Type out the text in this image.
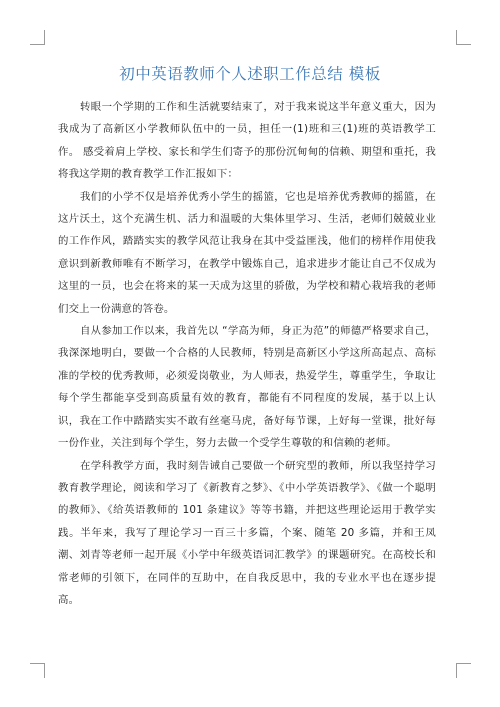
初中英语教师个人述职工作总结 模板

转眼一个学期的工作和生活就要结束了，对于我来说这半年意义重大，因为我成为了高新区小学教师队伍中的一员，担任一(1)班和三(1)班的英语教学工作。 感受着肩上学校、家长和学生们寄予的那份沉甸甸的信赖、期望和重托，我将我这学期的教育教学工作汇报如下：

我们的小学不仅是培养优秀小学生的摇篮，它也是培养优秀教师的摇篮，在这片沃土，这个充满生机、活力和温暖的大集体里学习、生活，老师们兢兢业业的工作作风，踏踏实实的教学风范让我身在其中受益匪浅，他们的榜样作用使我意识到新教师唯有不断学习，在教学中锻炼自己，追求进步才能让自己不仅成为这里的一员，也会在将来的某一天成为这里的骄傲，为学校和精心栽培我的老师们交上一份满意的答卷。

自从参加工作以来，我首先以 “学高为师，身正为范”的师德严格要求自己，我深深地明白，要做一个合格的人民教师，特别是高新区小学这所高起点、高标准的学校的优秀教师，必须爱岗敬业，为人师表，热爱学生，尊重学生，争取让每个学生都能享受到高质量有效的教育，都能有不同程度的发展，基于以上认识，我在工作中踏踏实实不敢有丝毫马虎，备好每节课，上好每一堂课，批好每一份作业，关注到每个学生，努力去做一个受学生尊敬的和信赖的老师。

在学科教学方面，我时刻告诫自己要做一个研究型的教师，所以我坚持学习教育教学理论，阅读和学习了《新教育之梦》、《中小学英语教学》、《做一个聪明的教师》、《给英语教师的 101 条建议》等等书籍，并把这些理论运用于教学实践。半年来，我写了理论学习一百三十多篇，个案、随笔 20 多篇，并和王凤潮、刘青等老师一起开展《小学中年级英语词汇教学》的课题研究。在高校长和常老师的引领下，在同伴的互助中，在自我反思中，我的专业水平也在逐步提高。
